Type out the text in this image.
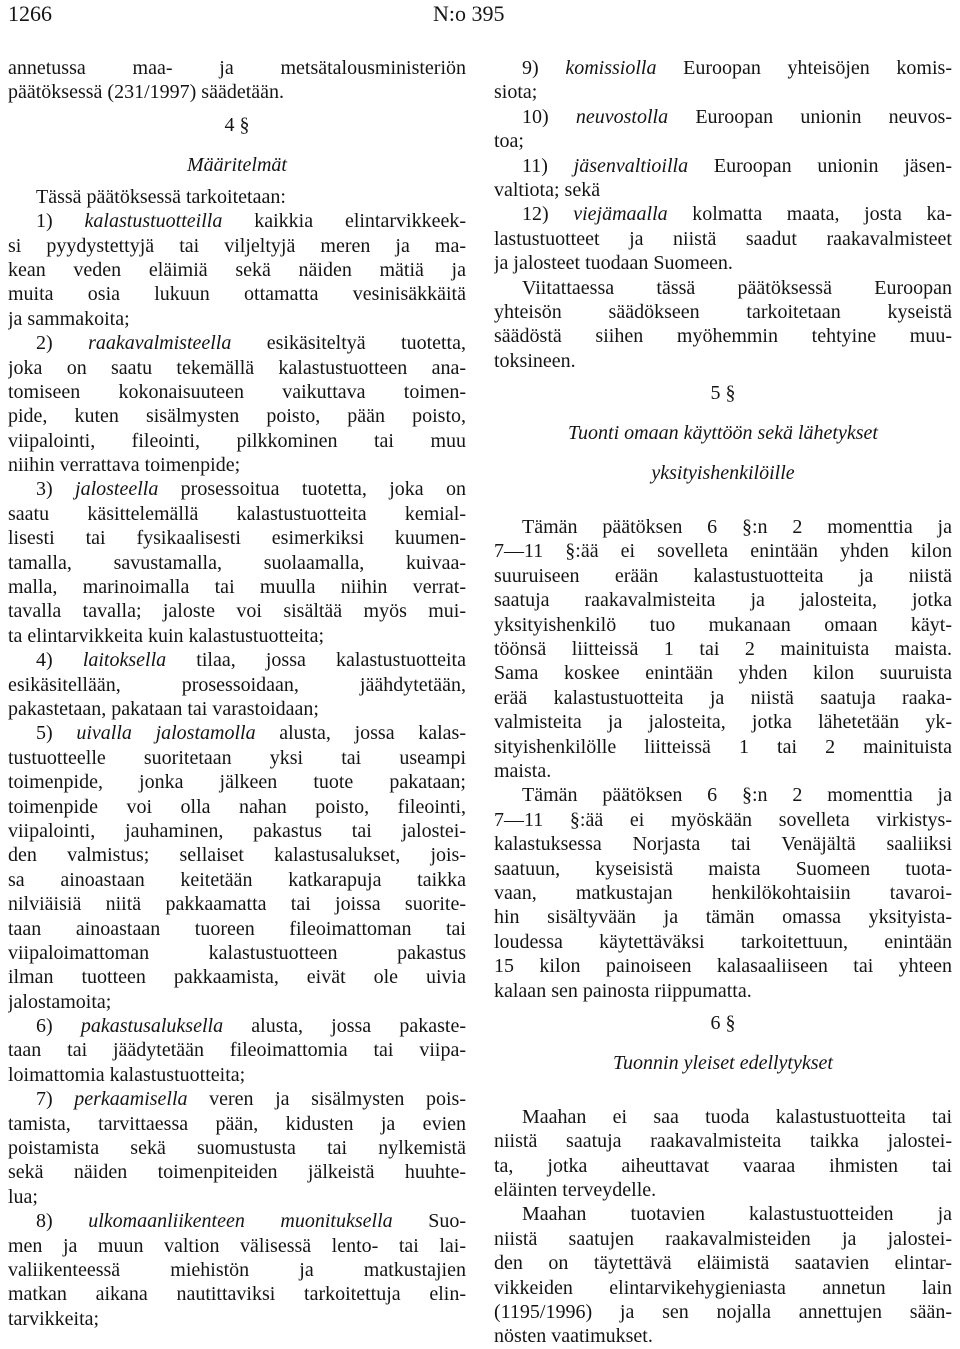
1266	N:o 395
annetussa maa- ja metsätalousministeriön
päätöksessä (231/1997) säädetään.
4 §
Määritelmät
Tässä päätöksessä tarkoitetaan:
1) kalastustuotteilla kaikkia elintarvikkeek-
si pyydystettyjä tai viljeltyjä meren ja ma-
kean veden eläimiä sekä näiden mätiä ja
muita osia lukuun ottamatta vesinisäkkäitä
ja sammakoita;
2) raakavalmisteella esikäsiteltyä tuotetta,
joka on saatu tekemällä kalastustuotteen ana-
tomiseen kokonaisuuteen vaikuttava toimen-
pide, kuten sisälmysten poisto, pään poisto,
viipalointi, fileointi, pilkkominen tai muu
niihin verrattava toimenpide;
3) jalosteella prosessoitua tuotetta, joka on
saatu käsittelemällä kalastustuotteita kemial-
lisesti tai fysikaalisesti esimerkiksi kuumen-
tamalla, savustamalla, suolaamalla, kuivaa-
malla, marinoimalla tai muulla niihin verrat-
tavalla tavalla; jaloste voi sisältää myös mui-
ta elintarvikkeita kuin kalastustuotteita;
4) laitoksella tilaa, jossa kalastustuotteita
esikäsitellään, prosessoidaan, jäähdytetään,
pakastetaan, pakataan tai varastoidaan;
5) uivalla jalostamolla alusta, jossa kalas-
tustuotteelle suoritetaan yksi tai useampi
toimenpide, jonka jälkeen tuote pakataan;
toimenpide voi olla nahan poisto, fileointi,
viipalointi, jauhaminen, pakastus tai jalostei-
den valmistus; sellaiset kalastusalukset, jois-
sa ainoastaan keitetään katkarapuja taikka
nilviäisiä niitä pakkaamatta tai joissa suorite-
taan ainoastaan tuoreen fileoimattoman tai
viipaloimattoman kalastustuotteen pakastus
ilman tuotteen pakkaamista, eivät ole uivia
jalostamoita;
6) pakastusaluksella alusta, jossa pakaste-
taan tai jäädytetään fileoimattomia tai viipa-
loimattomia kalastustuotteita;
7) perkaamisella veren ja sisälmysten pois-
tamista, tarvittaessa pään, kidusten ja evien
poistamista sekä suomustusta tai nylkemistä
sekä näiden toimenpiteiden jälkeistä huuhte-
lua;
8) ulkomaanliikenteen muonituksella Suo-
men ja muun valtion välisessä lento- tai lai-
valiikenteessä miehistön ja matkustajien
matkan aikana nautittaviksi tarkoitettuja elin-
tarvikkeita;
9) komissiolla Euroopan yhteisöjen komis-
siota;
10) neuvostolla Euroopan unionin neuvos-
toa;
11) jäsenvaltioilla Euroopan unionin jäsen-
valtiota; sekä
12) viejämaalla kolmatta maata, josta ka-
lastustuotteet ja niistä saadut raakavalmisteet
ja jalosteet tuodaan Suomeen.
Viitattaessa tässä päätöksessä Euroopan
yhteisön säädökseen tarkoitetaan kyseistä
säädöstä siihen myöhemmin tehtyine muu-
toksineen.
5 §
Tuonti omaan käyttöön sekä lähetykset
yksityishenkilöille
Tämän päätöksen 6 §:n 2 momenttia ja
7—11 §:ää ei sovelleta enintään yhden kilon
suuruiseen erään kalastustuotteita ja niistä
saatuja raakavalmisteita ja jalosteita, jotka
yksityishenkilö tuo mukanaan omaan käyt-
töönsä liitteissä 1 tai 2 mainituista maista.
Sama koskee enintään yhden kilon suuruista
erää kalastustuotteita ja niistä saatuja raaka-
valmisteita ja jalosteita, jotka lähetetään yk-
sityishenkilölle liitteissä 1 tai 2 mainituista
maista.
Tämän päätöksen 6 §:n 2 momenttia ja
7—11 §:ää ei myöskään sovelleta virkistys-
kalastuksessa Norjasta tai Venäjältä saaliiksi
saatuun, kyseisistä maista Suomeen tuota-
vaan, matkustajan henkilökohtaisiin tavaroi-
hin sisältyvään ja tämän omassa yksityista-
loudessa käytettäväksi tarkoitettuun, enintään
15 kilon painoiseen kalasaaliiseen tai yhteen
kalaan sen painosta riippumatta.
6 §
Tuonnin yleiset edellytykset
Maahan ei saa tuoda kalastustuotteita tai
niistä saatuja raakavalmisteita taikka jalostei-
ta, jotka aiheuttavat vaaraa ihmisten tai
eläinten terveydelle.
Maahan tuotavien kalastustuotteiden ja
niistä saatujen raakavalmisteiden ja jalostei-
den on täytettävä eläimistä saatavien elintar-
vikkeiden elintarvikehygieniasta annetun lain
(1195/1996) ja sen nojalla annettujen sään-
nösten vaatimukset.
